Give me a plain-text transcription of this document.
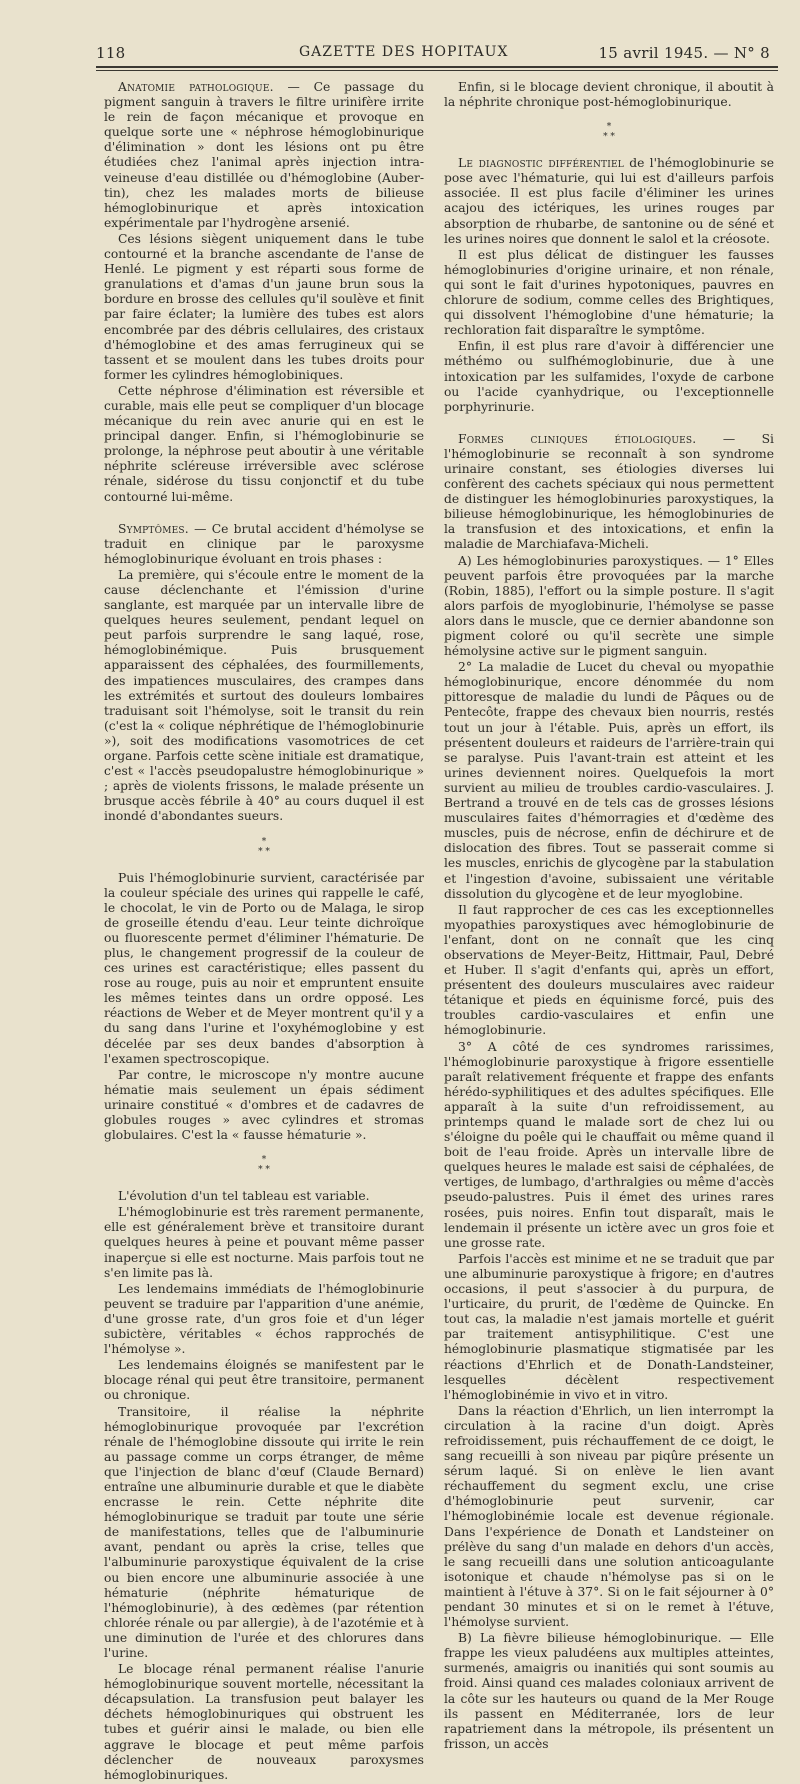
118	GAZETTE DES HOPITAUX	15 avril 1945. — N° 8

Anatomie pathologique. — Ce passage du pigment sanguin à travers le filtre urinifère irrite le rein de façon mécanique et provoque en quelque sorte une « néphrose hémoglobinurique d'élimination » dont les lésions ont pu être étudiées chez l'animal après injection intra-veineuse d'eau distillée ou d'hémoglobine (Auber-tin), chez les malades morts de bilieuse hémoglobinurique et après intoxication expérimentale par l'hydrogène arsenié.

Ces lésions siègent uniquement dans le tube contourné et la branche ascendante de l'anse de Henlé. Le pigment y est réparti sous forme de granulations et d'amas d'un jaune brun sous la bordure en brosse des cellules qu'il soulève et finit par faire éclater; la lumière des tubes est alors encombrée par des débris cellulaires, des cristaux d'hémoglobine et des amas ferrugineux qui se tassent et se moulent dans les tubes droits pour former les cylindres hémoglobiniques.

Cette néphrose d'élimination est réversible et curable, mais elle peut se compliquer d'un blocage mécanique du rein avec anurie qui en est le principal danger. Enfin, si l'hémoglobinurie se prolonge, la néphrose peut aboutir à une véritable néphrite scléreuse irréversible avec sclérose rénale, sidérose du tissu conjonctif et du tube contourné lui-même.

Symptômes. — Ce brutal accident d'hémolyse se traduit en clinique par le paroxysme hémoglobinurique évoluant en trois phases :

La première, qui s'écoule entre le moment de la cause déclenchante et l'émission d'urine sanglante, est marquée par un intervalle libre de quelques heures seulement, pendant lequel on peut parfois surprendre le sang laqué, rose, hémoglobinémique. Puis brusquement apparaissent des céphalées, des fourmillements, des impatiences musculaires, des crampes dans les extrémités et surtout des douleurs lombaires traduisant soit l'hémolyse, soit le transit du rein (c'est la « colique néphrétique de l'hémoglobinurie »), soit des modifications vasomotrices de cet organe. Parfois cette scène initiale est dramatique, c'est « l'accès pseudopalustre hémoglobinurique » ; après de violents frissons, le malade présente un brusque accès fébrile à 40° au cours duquel il est inondé d'abondantes sueurs.

*
* *

Puis l'hémoglobinurie survient, caractérisée par la couleur spéciale des urines qui rappelle le café, le chocolat, le vin de Porto ou de Malaga, le sirop de groseille étendu d'eau. Leur teinte dichroïque ou fluorescente permet d'éliminer l'hématurie. De plus, le changement progressif de la couleur de ces urines est caractéristique; elles passent du rose au rouge, puis au noir et empruntent ensuite les mêmes teintes dans un ordre opposé. Les réactions de Weber et de Meyer montrent qu'il y a du sang dans l'urine et l'oxyhémoglobine y est décelée par ses deux bandes d'absorption à l'examen spectroscopique.

Par contre, le microscope n'y montre aucune hématie mais seulement un épais sédiment urinaire constitué « d'ombres et de cadavres de globules rouges » avec cylindres et stromas globulaires. C'est la « fausse hématurie ».

*
* *

L'évolution d'un tel tableau est variable.

L'hémoglobinurie est très rarement permanente, elle est généralement brève et transitoire durant quelques heures à peine et pouvant même passer inaperçue si elle est nocturne. Mais parfois tout ne s'en limite pas là.

Les lendemains immédiats de l'hémoglobinurie peuvent se traduire par l'apparition d'une anémie, d'une grosse rate, d'un gros foie et d'un léger subictère, véritables « échos rapprochés de l'hémolyse ».

Les lendemains éloignés se manifestent par le blocage rénal qui peut être transitoire, permanent ou chronique.

Transitoire, il réalise la néphrite hémoglobinurique provoquée par l'excrétion rénale de l'hémoglobine dissoute qui irrite le rein au passage comme un corps étranger, de même que l'injection de blanc d'œuf (Claude Bernard) entraîne une albuminurie durable et que le diabète encrasse le rein. Cette néphrite dite hémoglobinurique se traduit par toute une série de manifestations, telles que de l'albuminurie avant, pendant ou après la crise, telles que l'albuminurie paroxystique équivalent de la crise ou bien encore une albuminurie associée à une hématurie (néphrite hématurique de l'hémoglobinurie), à des œdèmes (par rétention chlorée rénale ou par allergie), à de l'azotémie et à une diminution de l'urée et des chlorures dans l'urine.

Le blocage rénal permanent réalise l'anurie hémoglobinurique souvent mortelle, nécessitant la décapsulation. La transfusion peut balayer les déchets hémoglobinuriques qui obstruent les tubes et guérir ainsi le malade, ou bien elle aggrave le blocage et peut même parfois déclencher de nouveaux paroxysmes hémoglobinuriques.

Enfin, si le blocage devient chronique, il aboutit à la néphrite chronique post-hémoglobinurique.

*
* *

Le diagnostic différentiel de l'hémoglobinurie se pose avec l'hématurie, qui lui est d'ailleurs parfois associée. Il est plus facile d'éliminer les urines acajou des ictériques, les urines rouges par absorption de rhubarbe, de santonine ou de séné et les urines noires que donnent le salol et la créosote.

Il est plus délicat de distinguer les fausses hémoglobinuries d'origine urinaire, et non rénale, qui sont le fait d'urines hypotoniques, pauvres en chlorure de sodium, comme celles des Brightiques, qui dissolvent l'hémoglobine d'une hématurie; la rechloration fait disparaître le symptôme.

Enfin, il est plus rare d'avoir à différencier une méthémo ou sulfhémoglobinurie, due à une intoxication par les sulfamides, l'oxyde de carbone ou l'acide cyanhydrique, ou l'exceptionnelle porphyrinurie.

Formes cliniques étiologiques. — Si l'hémoglobinurie se reconnaît à son syndrome urinaire constant, ses étiologies diverses lui confèrent des cachets spéciaux qui nous permettent de distinguer les hémoglobinuries paroxystiques, la bilieuse hémoglobinurique, les hémoglobinuries de la transfusion et des intoxications, et enfin la maladie de Marchiafava-Micheli.

A) Les hémoglobinuries paroxystiques. — 1° Elles peuvent parfois être provoquées par la marche (Robin, 1885), l'effort ou la simple posture. Il s'agit alors parfois de myoglobinurie, l'hémolyse se passe alors dans le muscle, que ce dernier abandonne son pigment coloré ou qu'il secrète une simple hémolysine active sur le pigment sanguin.

2° La maladie de Lucet du cheval ou myopathie hémoglobinurique, encore dénommée du nom pittoresque de maladie du lundi de Pâques ou de Pentecôte, frappe des chevaux bien nourris, restés tout un jour à l'étable. Puis, après un effort, ils présentent douleurs et raideurs de l'arrière-train qui se paralyse. Puis l'avant-train est atteint et les urines deviennent noires. Quelquefois la mort survient au milieu de troubles cardio-vasculaires. J. Bertrand a trouvé en de tels cas de grosses lésions musculaires faites d'hémorragies et d'œdème des muscles, puis de nécrose, enfin de déchirure et de dislocation des fibres. Tout se passerait comme si les muscles, enrichis de glycogène par la stabulation et l'ingestion d'avoine, subissaient une véritable dissolution du glycogène et de leur myoglobine.

Il faut rapprocher de ces cas les exceptionnelles myopathies paroxystiques avec hémoglobinurie de l'enfant, dont on ne connaît que les cinq observations de Meyer-Beitz, Hittmair, Paul, Debré et Huber. Il s'agit d'enfants qui, après un effort, présentent des douleurs musculaires avec raideur tétanique et pieds en équinisme forcé, puis des troubles cardio-vasculaires et enfin une hémoglobinurie.

3° A côté de ces syndromes rarissimes, l'hémoglobinurie paroxystique à frigore essentielle paraît relativement fréquente et frappe des enfants hérédo-syphilitiques et des adultes spécifiques. Elle apparaît à la suite d'un refroidissement, au printemps quand le malade sort de chez lui ou s'éloigne du poêle qui le chauffait ou même quand il boit de l'eau froide. Après un intervalle libre de quelques heures le malade est saisi de céphalées, de vertiges, de lumbago, d'arthralgies ou même d'accès pseudo-palustres. Puis il émet des urines rares rosées, puis noires. Enfin tout disparaît, mais le lendemain il présente un ictère avec un gros foie et une grosse rate.

Parfois l'accès est minime et ne se traduit que par une albuminurie paroxystique à frigore; en d'autres occasions, il peut s'associer à du purpura, de l'urticaire, du prurit, de l'œdème de Quincke. En tout cas, la maladie n'est jamais mortelle et guérit par traitement antisyphilitique. C'est une hémoglobinurie plasmatique stigmatisée par les réactions d'Ehrlich et de Donath-Landsteiner, lesquelles décèlent respectivement l'hémoglobinémie in vivo et in vitro.

Dans la réaction d'Ehrlich, un lien interrompt la circulation à la racine d'un doigt. Après refroidissement, puis réchauffement de ce doigt, le sang recueilli à son niveau par piqûre présente un sérum laqué. Si on enlève le lien avant réchauffement du segment exclu, une crise d'hémoglobinurie peut survenir, car l'hémoglobinémie locale est devenue régionale. Dans l'expérience de Donath et Landsteiner on prélève du sang d'un malade en dehors d'un accès, le sang recueilli dans une solution anticoagulante isotonique et chaude n'hémolyse pas si on le maintient à l'étuve à 37°. Si on le fait séjourner à 0° pendant 30 minutes et si on le remet à l'étuve, l'hémolyse survient.

B) La fièvre bilieuse hémoglobinurique. — Elle frappe les vieux paludéens aux multiples atteintes, surmenés, amaigris ou inanitiés qui sont soumis au froid. Ainsi quand ces malades coloniaux arrivent de la côte sur les hauteurs ou quand de la Mer Rouge ils passent en Méditerranée, lors de leur rapatriement dans la métropole, ils présentent un frisson, un accès
